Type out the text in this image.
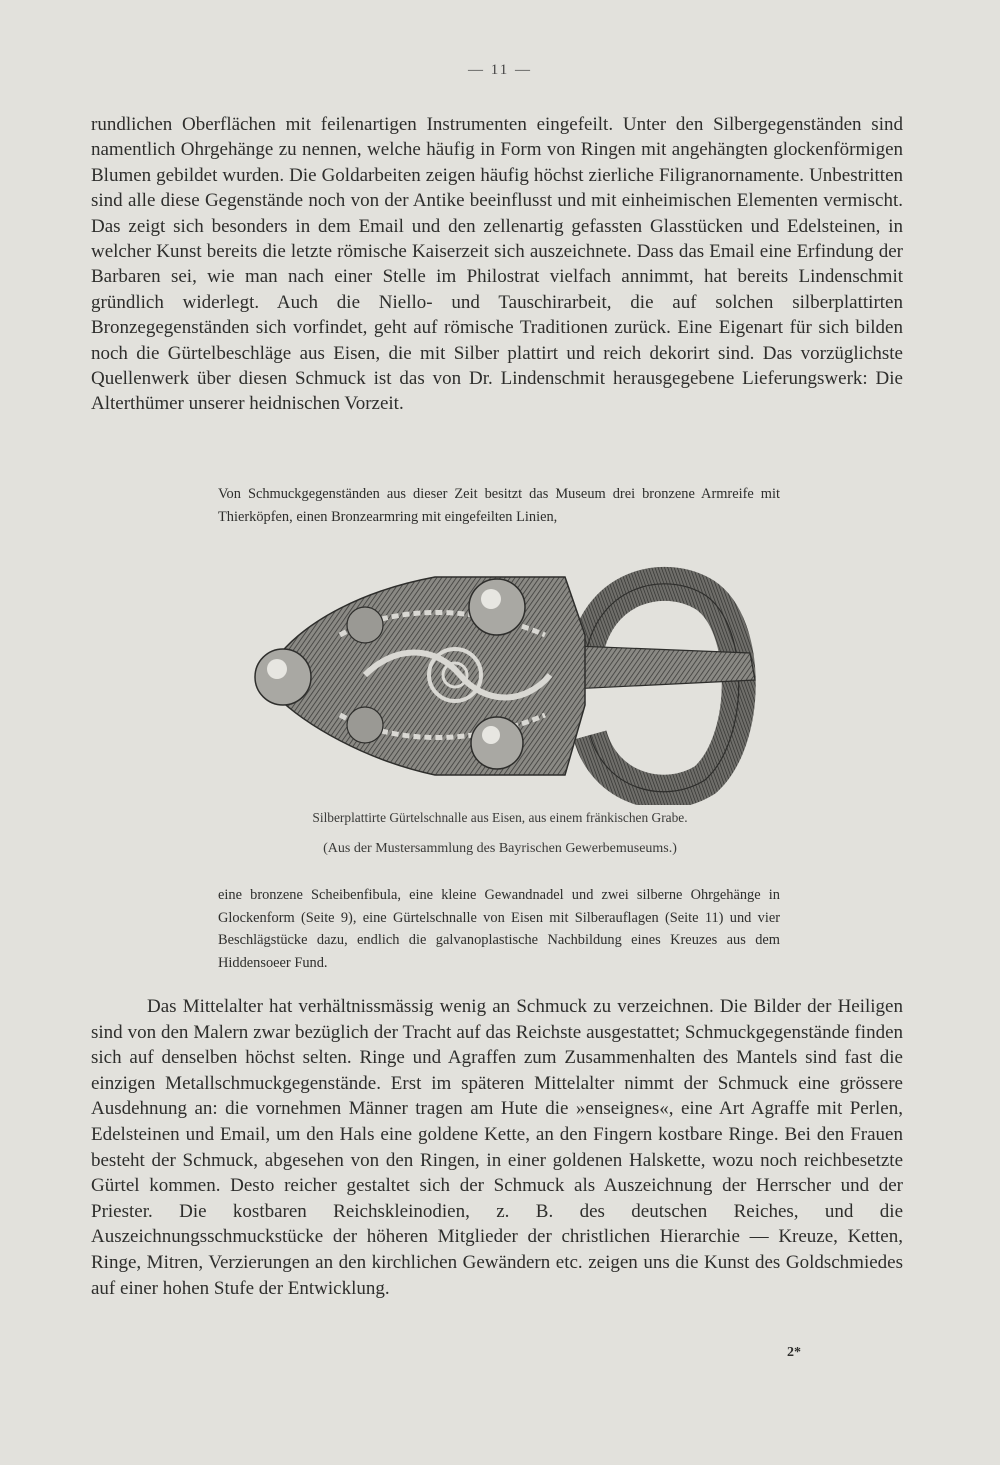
— 11 —

rundlichen Oberflächen mit feilenartigen Instrumenten eingefeilt. Unter den Silbergegenständen sind namentlich Ohrgehänge zu nennen, welche häufig in Form von Ringen mit angehängten glockenförmigen Blumen gebildet wurden. Die Goldarbeiten zeigen häufig höchst zierliche Filigranornamente. Unbestritten sind alle diese Gegenstände noch von der Antike beeinflusst und mit einheimischen Elementen vermischt. Das zeigt sich besonders in dem Email und den zellenartig gefassten Glasstücken und Edelsteinen, in welcher Kunst bereits die letzte römische Kaiserzeit sich auszeichnete. Dass das Email eine Erfindung der Barbaren sei, wie man nach einer Stelle im Philostrat vielfach annimmt, hat bereits Lindenschmit gründlich widerlegt. Auch die Niello- und Tauschirarbeit, die auf solchen silberplattirten Bronzegegenständen sich vorfindet, geht auf römische Traditionen zurück. Eine Eigenart für sich bilden noch die Gürtelbeschläge aus Eisen, die mit Silber plattirt und reich dekorirt sind. Das vorzüglichste Quellenwerk über diesen Schmuck ist das von Dr. Lindenschmit herausgegebene Lieferungswerk: Die Alterthümer unserer heidnischen Vorzeit.

Von Schmuckgegenständen aus dieser Zeit besitzt das Museum drei bronzene Armreife mit Thierköpfen, einen Bronzearmring mit eingefeilten Linien,

Silberplattirte Gürtelschnalle aus Eisen, aus einem fränkischen Grabe.

(Aus der Mustersammlung des Bayrischen Gewerbemuseums.)

eine bronzene Scheibenfibula, eine kleine Gewandnadel und zwei silberne Ohrgehänge in Glockenform (Seite 9), eine Gürtelschnalle von Eisen mit Silberauflagen (Seite 11) und vier Beschlägstücke dazu, endlich die galvanoplastische Nachbildung eines Kreuzes aus dem Hiddensoeer Fund.

Das Mittelalter hat verhältnissmässig wenig an Schmuck zu verzeichnen. Die Bilder der Heiligen sind von den Malern zwar bezüglich der Tracht auf das Reichste ausgestattet; Schmuckgegenstände finden sich auf denselben höchst selten. Ringe und Agraffen zum Zusammenhalten des Mantels sind fast die einzigen Metallschmuckgegenstände. Erst im späteren Mittelalter nimmt der Schmuck eine grössere Ausdehnung an: die vornehmen Männer tragen am Hute die »enseignes«, eine Art Agraffe mit Perlen, Edelsteinen und Email, um den Hals eine goldene Kette, an den Fingern kostbare Ringe. Bei den Frauen besteht der Schmuck, abgesehen von den Ringen, in einer goldenen Halskette, wozu noch reichbesetzte Gürtel kommen. Desto reicher gestaltet sich der Schmuck als Auszeichnung der Herrscher und der Priester. Die kostbaren Reichskleinodien, z. B. des deutschen Reiches, und die Auszeichnungsschmuckstücke der höheren Mitglieder der christlichen Hierarchie — Kreuze, Ketten, Ringe, Mitren, Verzierungen an den kirchlichen Gewändern etc. zeigen uns die Kunst des Goldschmiedes auf einer hohen Stufe der Entwicklung.

2*
